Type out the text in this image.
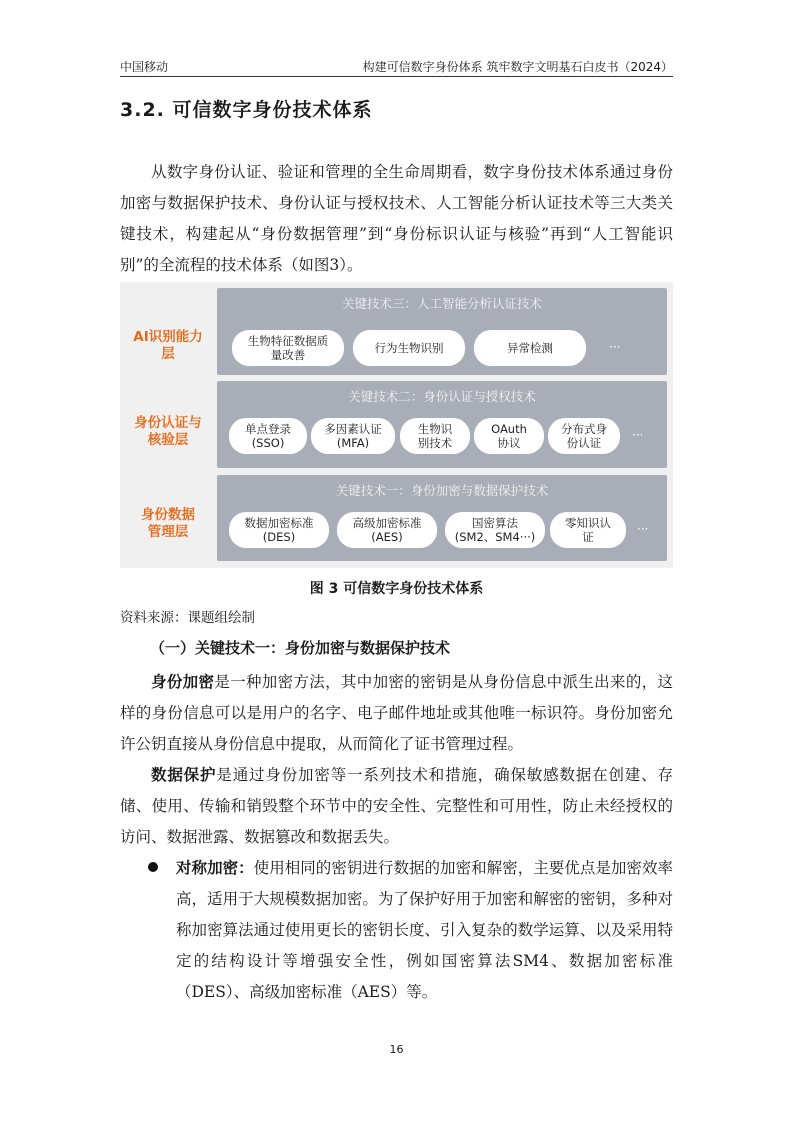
中国移动	构建可信数字身份体系 筑牢数字文明基石白皮书（2024）
3.2. 可信数字身份技术体系

从数字身份认证、验证和管理的全生命周期看，数字身份技术体系通过身份加密与数据保护技术、身份认证与授权技术、人工智能分析认证技术等三大类关键技术，构建起从“身份数据管理”到“身份标识认证与核验”再到“人工智能识别”的全流程的技术体系（如图3）。

AI识别能力
层
关键技术三：人工智能分析认证技术
生物特征数据质
量改善	行为生物识别	异常检测	···
身份认证与
核验层
关键技术二：身份认证与授权技术
单点登录
(SSO)
多因素认证
(MFA)
生物识
别技术
OAuth
协议
分布式身
份认证
···
身份数据
管理层
关键技术一：身份加密与数据保护技术
数据加密标准
(DES)
高级加密标准
(AES)
国密算法
(SM2、SM4···)
零知识认
证
···
图 3 可信数字身份技术体系
资料来源：课题组绘制
（一）关键技术一：身份加密与数据保护技术

身份加密是一种加密方法，其中加密的密钥是从身份信息中派生出来的，这样的身份信息可以是用户的名字、电子邮件地址或其他唯一标识符。身份加密允许公钥直接从身份信息中提取，从而简化了证书管理过程。

数据保护是通过身份加密等一系列技术和措施，确保敏感数据在创建、存储、使用、传输和销毁整个环节中的安全性、完整性和可用性，防止未经授权的访问、数据泄露、数据篡改和数据丢失。

对称加密：使用相同的密钥进行数据的加密和解密，主要优点是加密效率高，适用于大规模数据加密。为了保护好用于加密和解密的密钥，多种对称加密算法通过使用更长的密钥长度、引入复杂的数学运算、以及采用特定的结构设计等增强安全性，例如国密算法SM4、数据加密标准（DES）、高级加密标准（AES）等。

16
